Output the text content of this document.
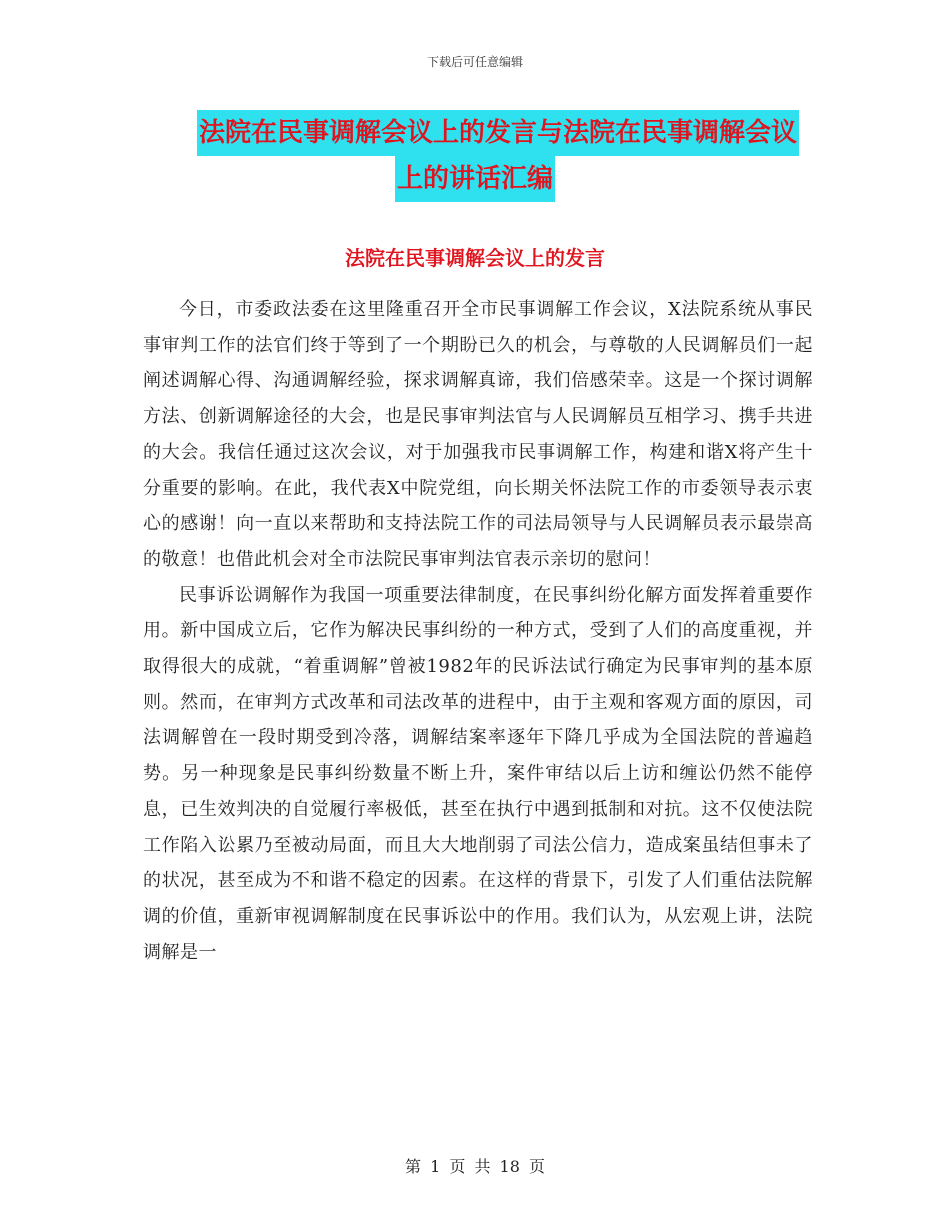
下载后可任意编辑
法院在民事调解会议上的发言与法院在民事调解会议
上的讲话汇编
法院在民事调解会议上的发言

今日，市委政法委在这里隆重召开全市民事调解工作会议，X法院系统从事民事审判工作的法官们终于等到了一个期盼已久的机会，与尊敬的人民调解员们一起阐述调解心得、沟通调解经验，探求调解真谛，我们倍感荣幸。这是一个探讨调解方法、创新调解途径的大会，也是民事审判法官与人民调解员互相学习、携手共进的大会。我信任通过这次会议，对于加强我市民事调解工作，构建和谐X将产生十分重要的影响。在此，我代表X中院党组，向长期关怀法院工作的市委领导表示衷心的感谢！向一直以来帮助和支持法院工作的司法局领导与人民调解员表示最崇高的敬意！也借此机会对全市法院民事审判法官表示亲切的慰问！

民事诉讼调解作为我国一项重要法律制度，在民事纠纷化解方面发挥着重要作用。新中国成立后，它作为解决民事纠纷的一种方式，受到了人们的高度重视，并取得很大的成就，“着重调解”曾被1982年的民诉法试行确定为民事审判的基本原则。然而，在审判方式改革和司法改革的进程中，由于主观和客观方面的原因，司法调解曾在一段时期受到冷落，调解结案率逐年下降几乎成为全国法院的普遍趋势。另一种现象是民事纠纷数量不断上升，案件审结以后上访和缠讼仍然不能停息，已生效判决的自觉履行率极低，甚至在执行中遇到抵制和对抗。这不仅使法院工作陷入讼累乃至被动局面，而且大大地削弱了司法公信力，造成案虽结但事未了的状况，甚至成为不和谐不稳定的因素。在这样的背景下，引发了人们重估法院解调的价值，重新审视调解制度在民事诉讼中的作用。我们认为，从宏观上讲，法院调解是一

第 1 页 共 18 页
